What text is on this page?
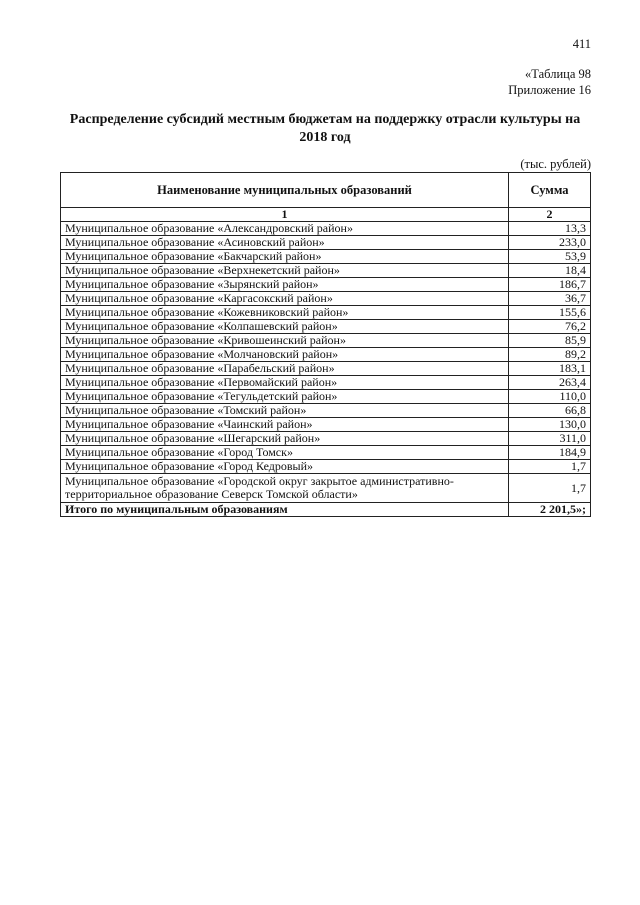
411
«Таблица 98
Приложение 16
Распределение субсидий местным бюджетам на поддержку отрасли культуры на 2018 год
(тыс. рублей)
Наименование муниципальных образований	Сумма
1	2
Муниципальное образование «Александровский район»	13,3
Муниципальное образование «Асиновский район»	233,0
Муниципальное образование «Бакчарский район»	53,9
Муниципальное образование «Верхнекетский район»	18,4
Муниципальное образование «Зырянский район»	186,7
Муниципальное образование «Каргасокский район»	36,7
Муниципальное образование «Кожевниковский район»	155,6
Муниципальное образование «Колпашевский район»	76,2
Муниципальное образование «Кривошеинский район»	85,9
Муниципальное образование «Молчановский район»	89,2
Муниципальное образование «Парабельский район»	183,1
Муниципальное образование «Первомайский район»	263,4
Муниципальное образование «Тегульдетский район»	110,0
Муниципальное образование «Томский район»	66,8
Муниципальное образование «Чаинский район»	130,0
Муниципальное образование «Шегарский район»	311,0
Муниципальное образование «Город Томск»	184,9
Муниципальное образование «Город Кедровый»	1,7
Муниципальное образование «Городской округ закрытое административно-территориальное образование Северск Томской области»	1,7
Итого по муниципальным образованиям	2 201,5»;
